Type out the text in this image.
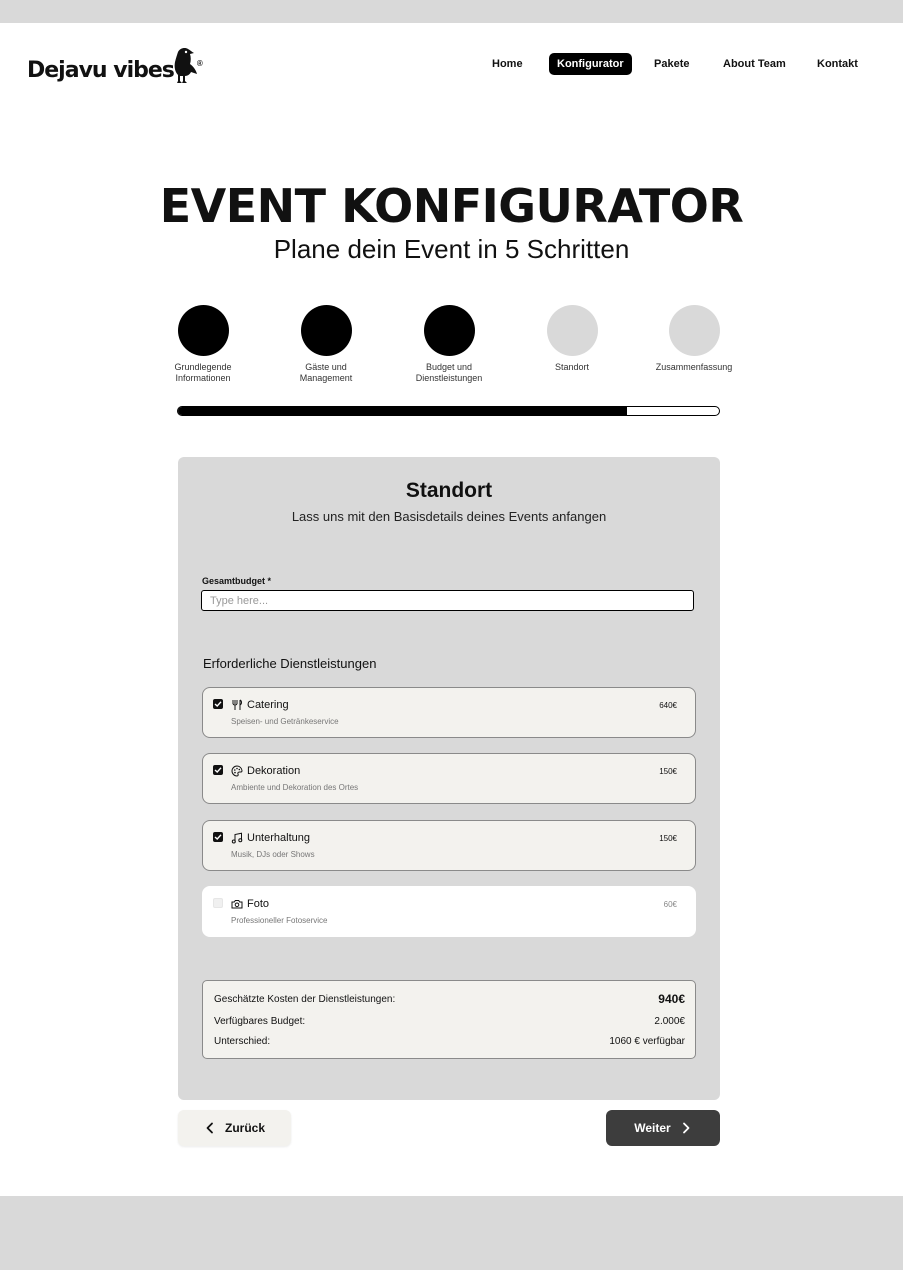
Dejavu vibes	®	Home	Konfigurator	Pakete	About Team	Kontakt
EVENT KONFIGURATOR
Plane dein Event in 5 Schritten
Grundlegende Informationen
Gäste und Management
Budget und Dienstleistungen
Standort	Zusammenfassung
Standort
Lass uns mit den Basisdetails deines Events anfangen
Gesamtbudget *
Type here...
Erforderliche Dienstleistungen
Catering
Speisen- und Getränkeservice
640€
Dekoration
Ambiente und Dekoration des Ortes
150€
Unterhaltung
Musik, DJs oder Shows
150€
Foto
Professioneller Fotoservice
60€
Geschätzte Kosten der Dienstleistungen:	940€
Verfügbares Budget:	2.000€
Unterschied:	1060 € verfügbar
Zurück	Weiter
